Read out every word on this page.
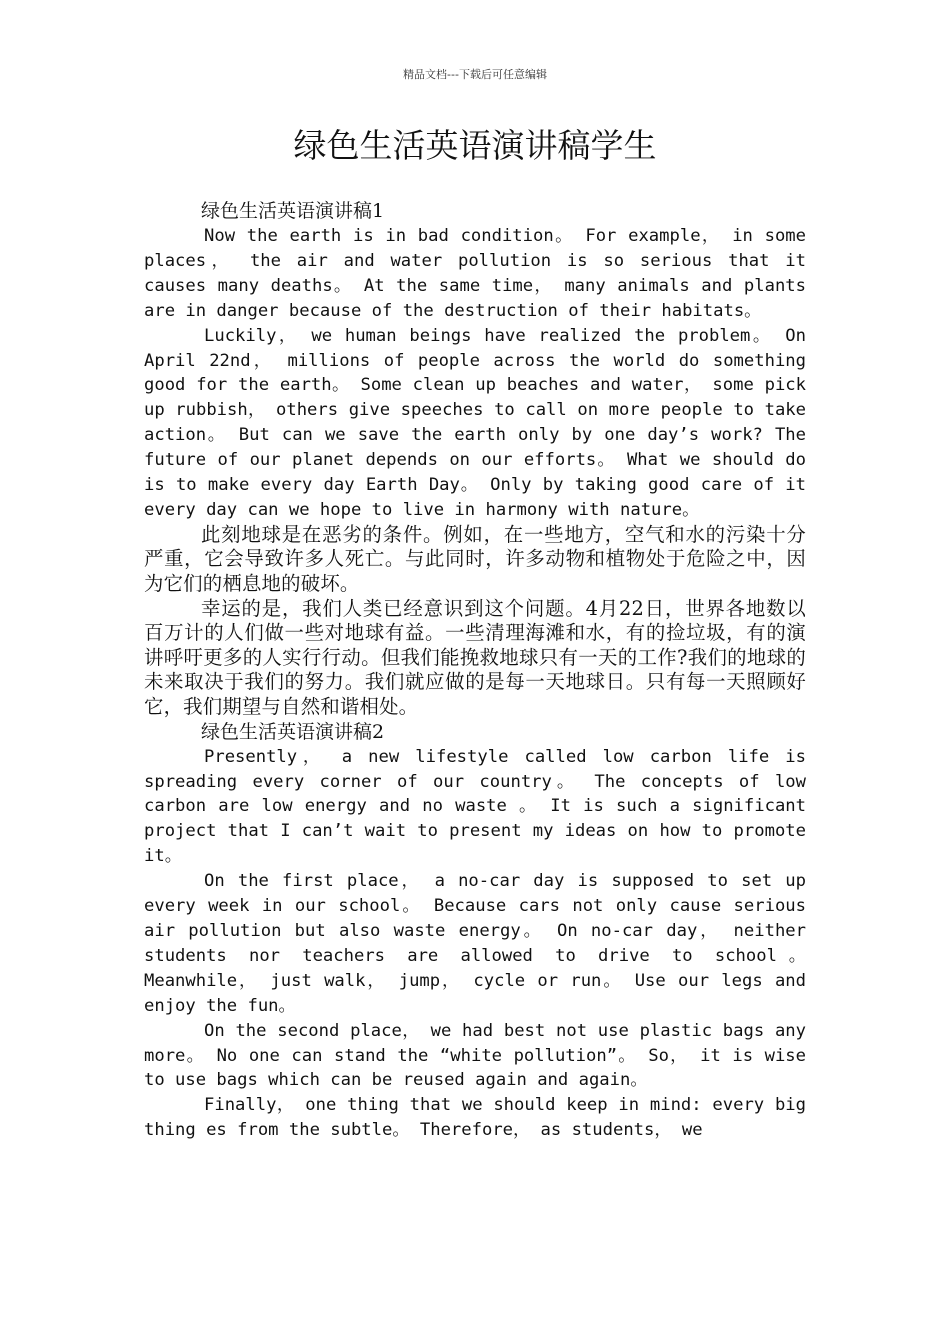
精品文档---下载后可任意编辑
绿色生活英语演讲稿学生
绿色生活英语演讲稿1

Now the earth is in bad condition。 For example， in some places， the air and water pollution is so serious that it causes many deaths。 At the same time， many animals and plants are in danger because of the destruction of their habitats。

Luckily， we human beings have realized the problem。 On April 22nd， millions of people across the world do something good for the earth。 Some clean up beaches and water， some pick up rubbish， others give speeches to call on more people to take action。 But can we save the earth only by one day’s work? The future of our planet depends on our efforts。 What we should do is to make every day Earth Day。 Only by taking good care of it every day can we hope to live in harmony with nature。

此刻地球是在恶劣的条件。例如，在一些地方，空气和水的污染十分严重，它会导致许多人死亡。与此同时，许多动物和植物处于危险之中，因为它们的栖息地的破坏。

幸运的是，我们人类已经意识到这个问题。4月22日，世界各地数以百万计的人们做一些对地球有益。一些清理海滩和水，有的捡垃圾，有的演讲呼吁更多的人实行行动。但我们能挽救地球只有一天的工作?我们的地球的未来取决于我们的努力。我们就应做的是每一天地球日。只有每一天照顾好它，我们期望与自然和谐相处。

绿色生活英语演讲稿2

Presently， a new lifestyle called low carbon life is spreading every corner of our country。 The concepts of low carbon are low energy and no waste 。 It is such a significant project that I can’t wait to present my ideas on how to promote it。

On the first place， a no-car day is supposed to set up every week in our school。 Because cars not only cause serious air pollution but also waste energy。 On no-car day， neither students nor teachers are allowed to drive to school。 Meanwhile， just walk， jump， cycle or run。 Use our legs and enjoy the fun。

On the second place， we had best not use plastic bags any more。 No one can stand the “white pollution”。 So， it is wise to use bags which can be reused again and again。

Finally， one thing that we should keep in mind: every big thing es from the subtle。 Therefore， as students， we
